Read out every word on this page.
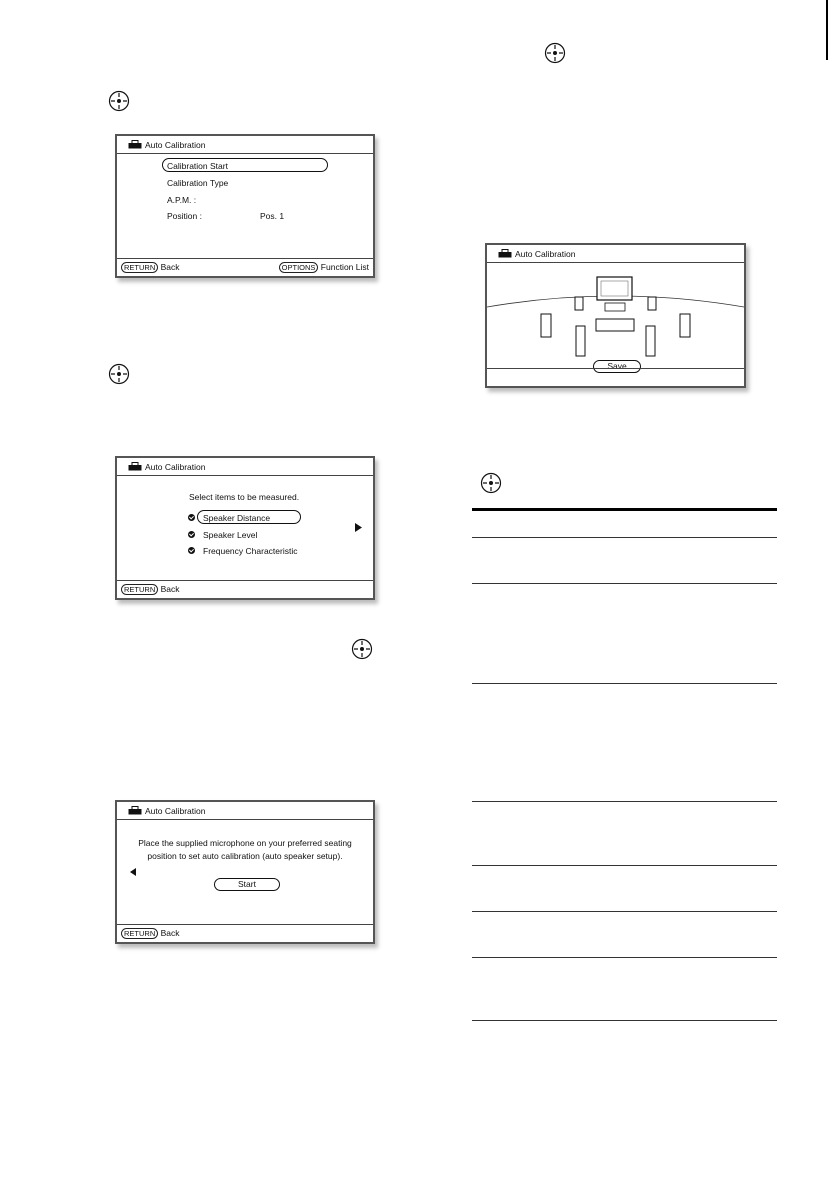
Auto Calibration
Calibration Start
Calibration Type
A.P.M. :
Position :	Pos. 1
RETURN Back	OPTIONS Function List
Auto Calibration
Select items to be measured.
Speaker Distance
Speaker Level
Frequency Characteristic
RETURN Back
Auto Calibration
Place the supplied microphone on your preferred seating
position to set auto calibration (auto speaker setup).
Start
RETURN Back
Auto Calibration
Save
